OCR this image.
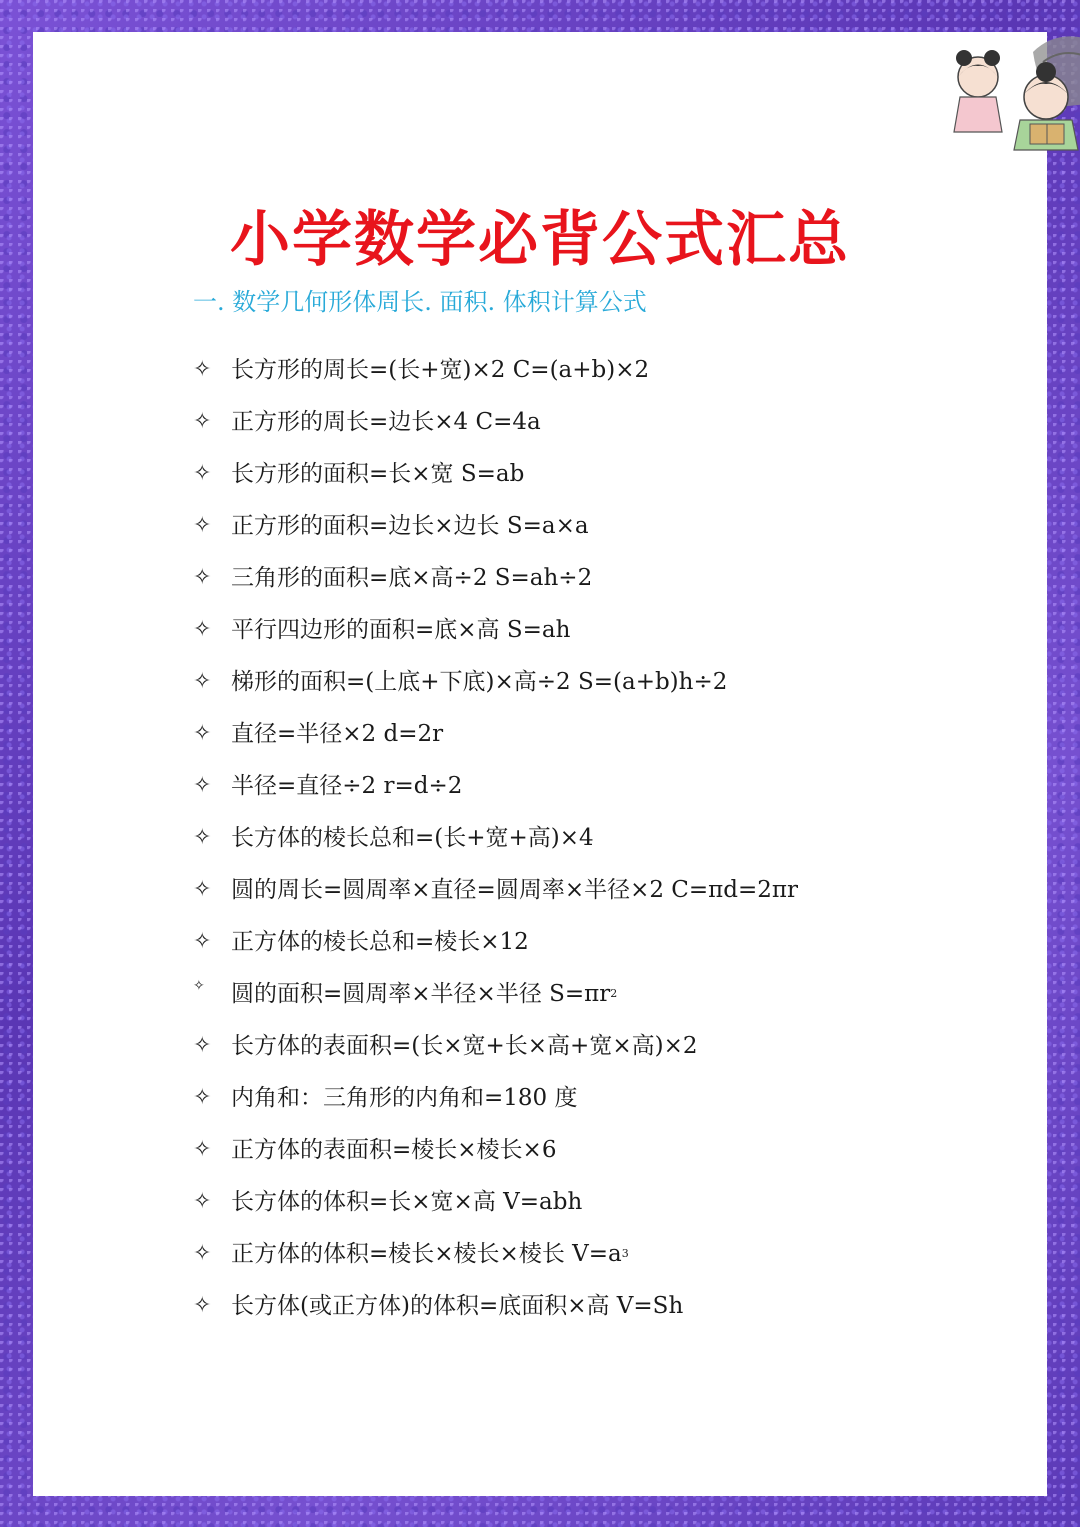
小学数学必背公式汇总
一. 数学几何形体周长. 面积. 体积计算公式
✧ 长方形的周长=(长+宽)×2 C=(a+b)×2
✧ 正方形的周长=边长×4 C=4a
✧ 长方形的面积=长×宽 S=ab
✧ 正方形的面积=边长×边长 S=a×a
✧ 三角形的面积=底×高÷2 S=ah÷2
✧ 平行四边形的面积=底×高 S=ah
✧ 梯形的面积=(上底+下底)×高÷2 S=(a+b)h÷2
✧ 直径=半径×2 d=2r
✧ 半径=直径÷2 r=d÷2
✧ 长方体的棱长总和=(长+宽+高)×4
✧ 圆的周长=圆周率×直径=圆周率×半径×2 C=πd=2πr
✧ 正方体的棱长总和=棱长×12
✧	圆的面积=圆周率×半径×半径 S=πr 2
✧ 长方体的表面积=(长×宽+长×高+宽×高)×2
✧ 内角和：三角形的内角和=180 度
✧ 正方体的表面积=棱长×棱长×6
✧ 长方体的体积=长×宽×高 V=abh
✧ 正方体的体积=棱长×棱长×棱长 V=a 3
✧ 长方体(或正方体)的体积=底面积×高 V=Sh
